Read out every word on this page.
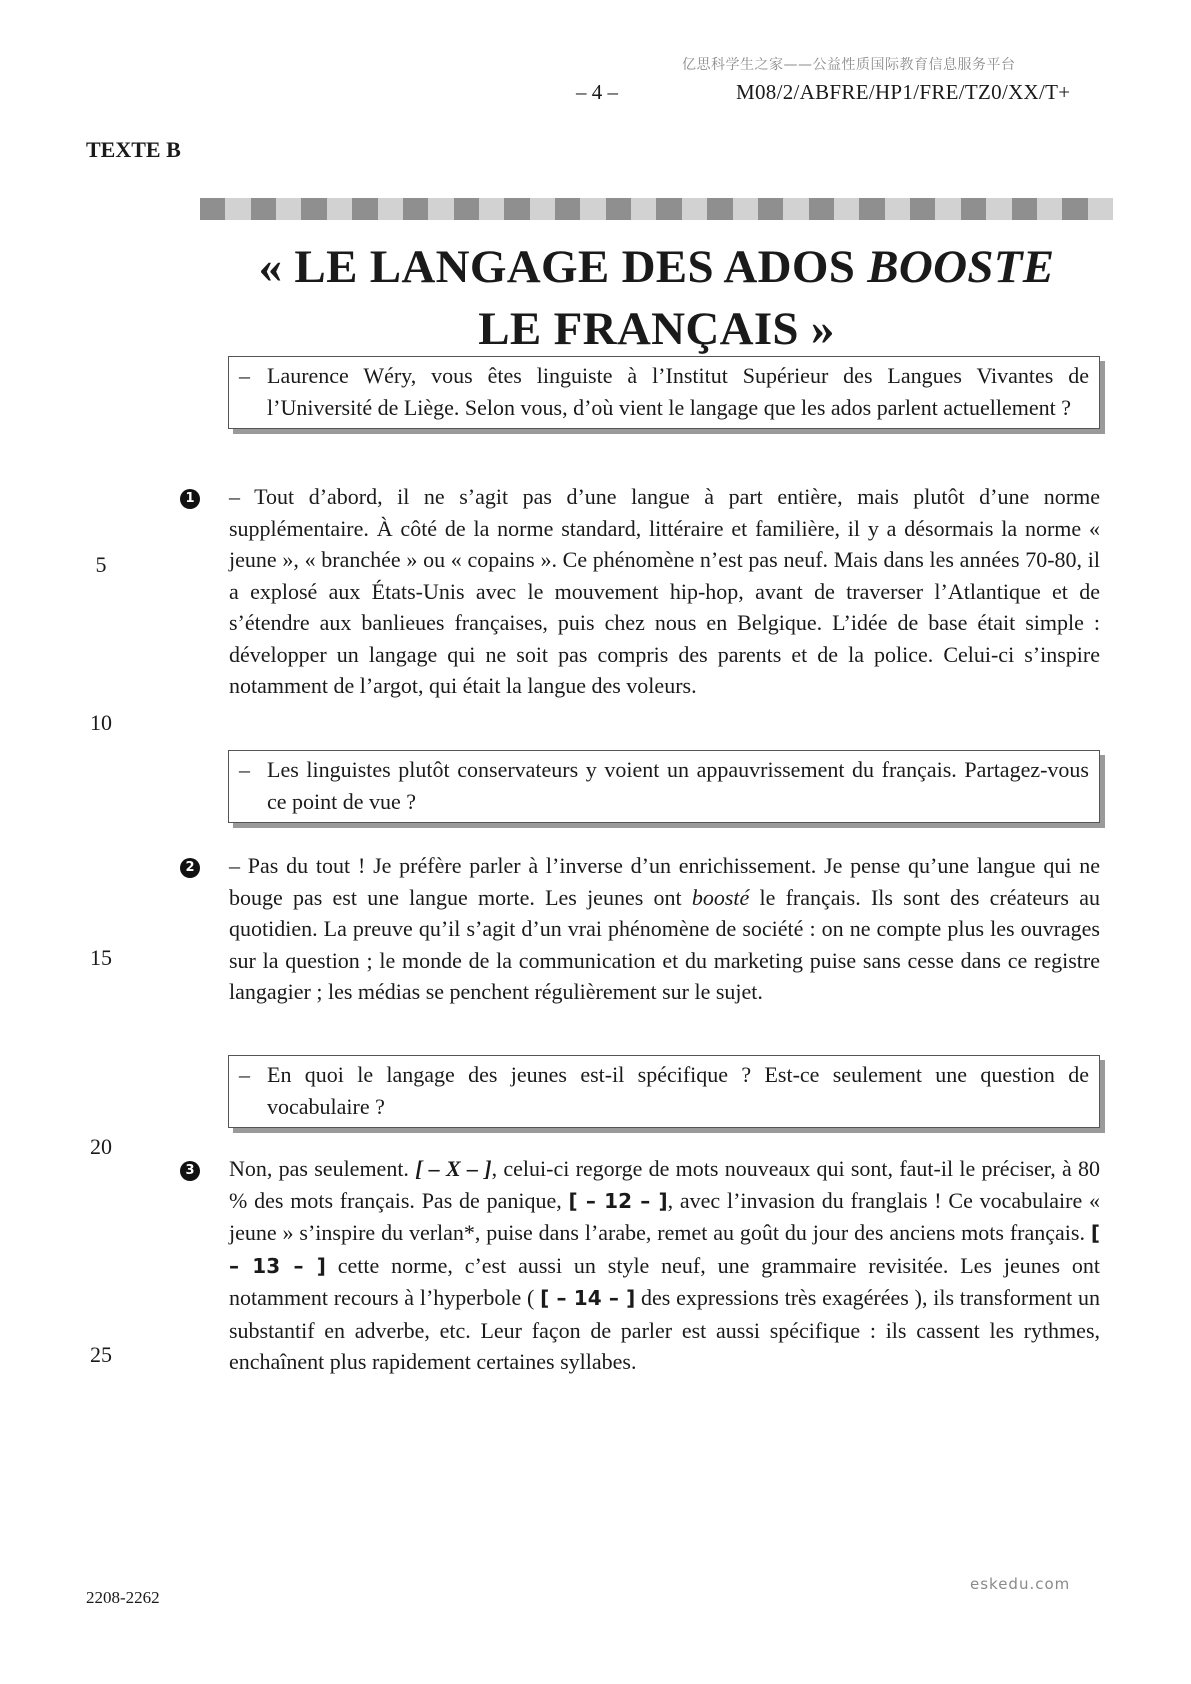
亿思科学生之家——公益性质国际教育信息服务平台
– 4 –	M08/2/ABFRE/HP1/FRE/TZ0/XX/T+
TEXTE B
« LE LANGAGE DES ADOS BOOSTE
LE FRANÇAIS »
– Laurence Wéry, vous êtes linguiste à l’Institut Supérieur des Langues Vivantes de l’Université de Liège. Selon vous, d’où vient le langage que les ados parlent actuellement ?
1 – Tout d’abord, il ne s’agit pas d’une langue à part entière, mais plutôt d’une norme supplémentaire. À côté de la norme standard, littéraire et familière, il y a désormais la norme « jeune », « branchée » ou « copains ». Ce phénomène n’est pas neuf. Mais dans les années 70-80, il a explosé aux États-Unis avec le mouvement hip-hop, avant de traverser l’Atlantique et de s’étendre aux banlieues françaises, puis chez nous en Belgique. L’idée de base était simple : développer un langage qui ne soit pas compris des parents et de la police. Celui-ci s’inspire notamment de l’argot, qui était la langue des voleurs.
– Les linguistes plutôt conservateurs y voient un appauvrissement du français. Partagez-vous ce point de vue ?
2 – Pas du tout ! Je préfère parler à l’inverse d’un enrichissement. Je pense qu’une langue qui ne bouge pas est une langue morte. Les jeunes ont boosté le français. Ils sont des créateurs au quotidien. La preuve qu’il s’agit d’un vrai phénomène de société : on ne compte plus les ouvrages sur la question ; le monde de la communication et du marketing puise sans cesse dans ce registre langagier ; les médias se penchent régulièrement sur le sujet.
– En quoi le langage des jeunes est-il spécifique ? Est-ce seulement une question de vocabulaire ?
3 Non, pas seulement. [ – X – ], celui-ci regorge de mots nouveaux qui sont, faut-il le préciser, à 80 % des mots français. Pas de panique, [ – 12 – ], avec l’invasion du franglais ! Ce vocabulaire « jeune » s’inspire du verlan*, puise dans l’arabe, remet au goût du jour des anciens mots français. [ – 13 – ] cette norme, c’est aussi un style neuf, une grammaire revisitée. Les jeunes ont notamment recours à l’hyperbole ( [ – 14 – ] des expressions très exagérées ), ils transforment un substantif en adverbe, etc. Leur façon de parler est aussi spécifique : ils cassent les rythmes, enchaînent plus rapidement certaines syllabes.
5
10
15
20
25
2208-2262
eskedu.com
